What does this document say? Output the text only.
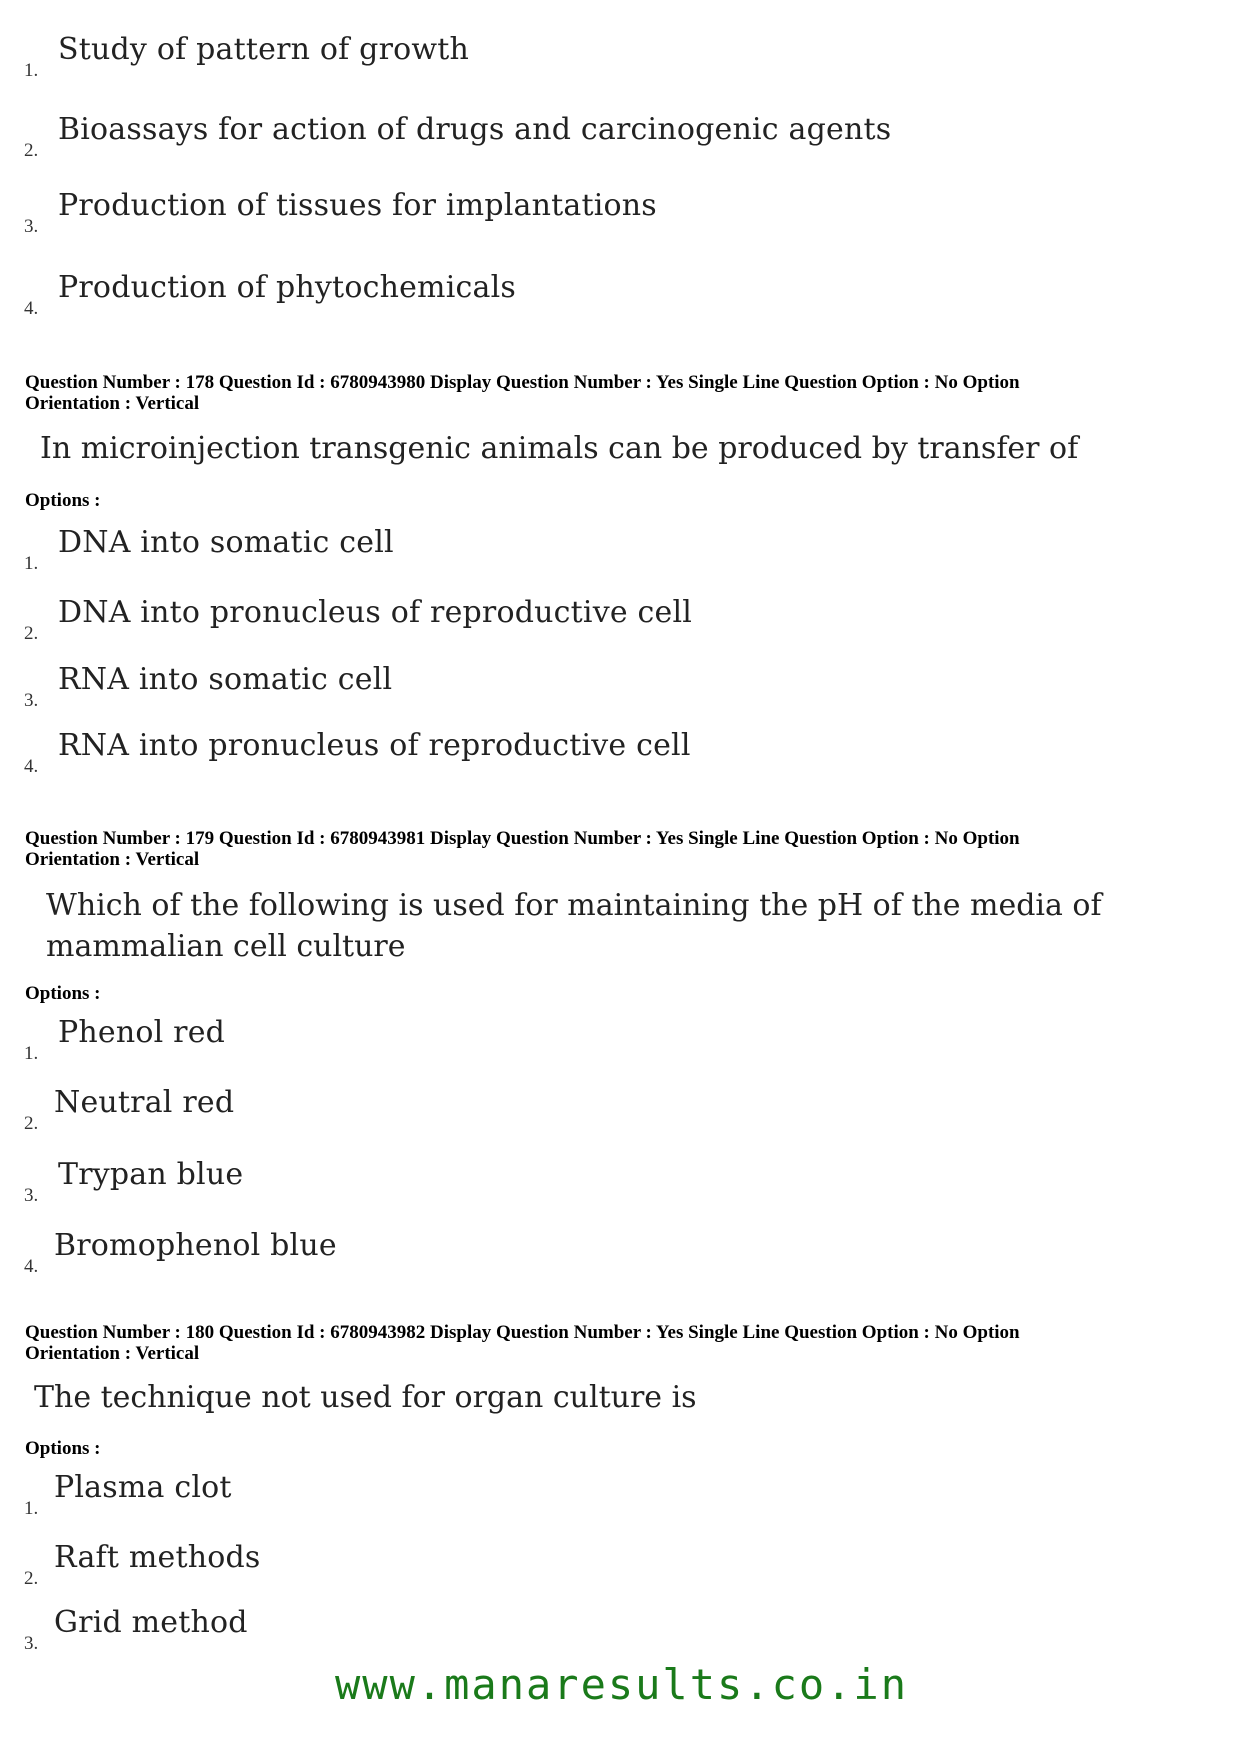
1.
Study of pattern of growth
2.
Bioassays for action of drugs and carcinogenic agents
3.
Production of tissues for implantations
4.
Production of phytochemicals
Question Number : 178 Question Id : 6780943980 Display Question Number : Yes Single Line Question Option : No Option
Orientation : Vertical
In microinjection transgenic animals can be produced by transfer of
Options :
1.
DNA into somatic cell
2.
DNA into pronucleus of reproductive cell
3.
RNA into somatic cell
4.
RNA into pronucleus of reproductive cell
Question Number : 179 Question Id : 6780943981 Display Question Number : Yes Single Line Question Option : No Option
Orientation : Vertical
Which of the following is used for maintaining the pH of the media of
mammalian cell culture
Options :
1.
Phenol red
2.
Neutral red
3.
Trypan blue
4.
Bromophenol blue
Question Number : 180 Question Id : 6780943982 Display Question Number : Yes Single Line Question Option : No Option
Orientation : Vertical
The technique not used for organ culture is
Options :
1.
Plasma clot
2.
Raft methods
3.
Grid method
www.manaresults.co.in
